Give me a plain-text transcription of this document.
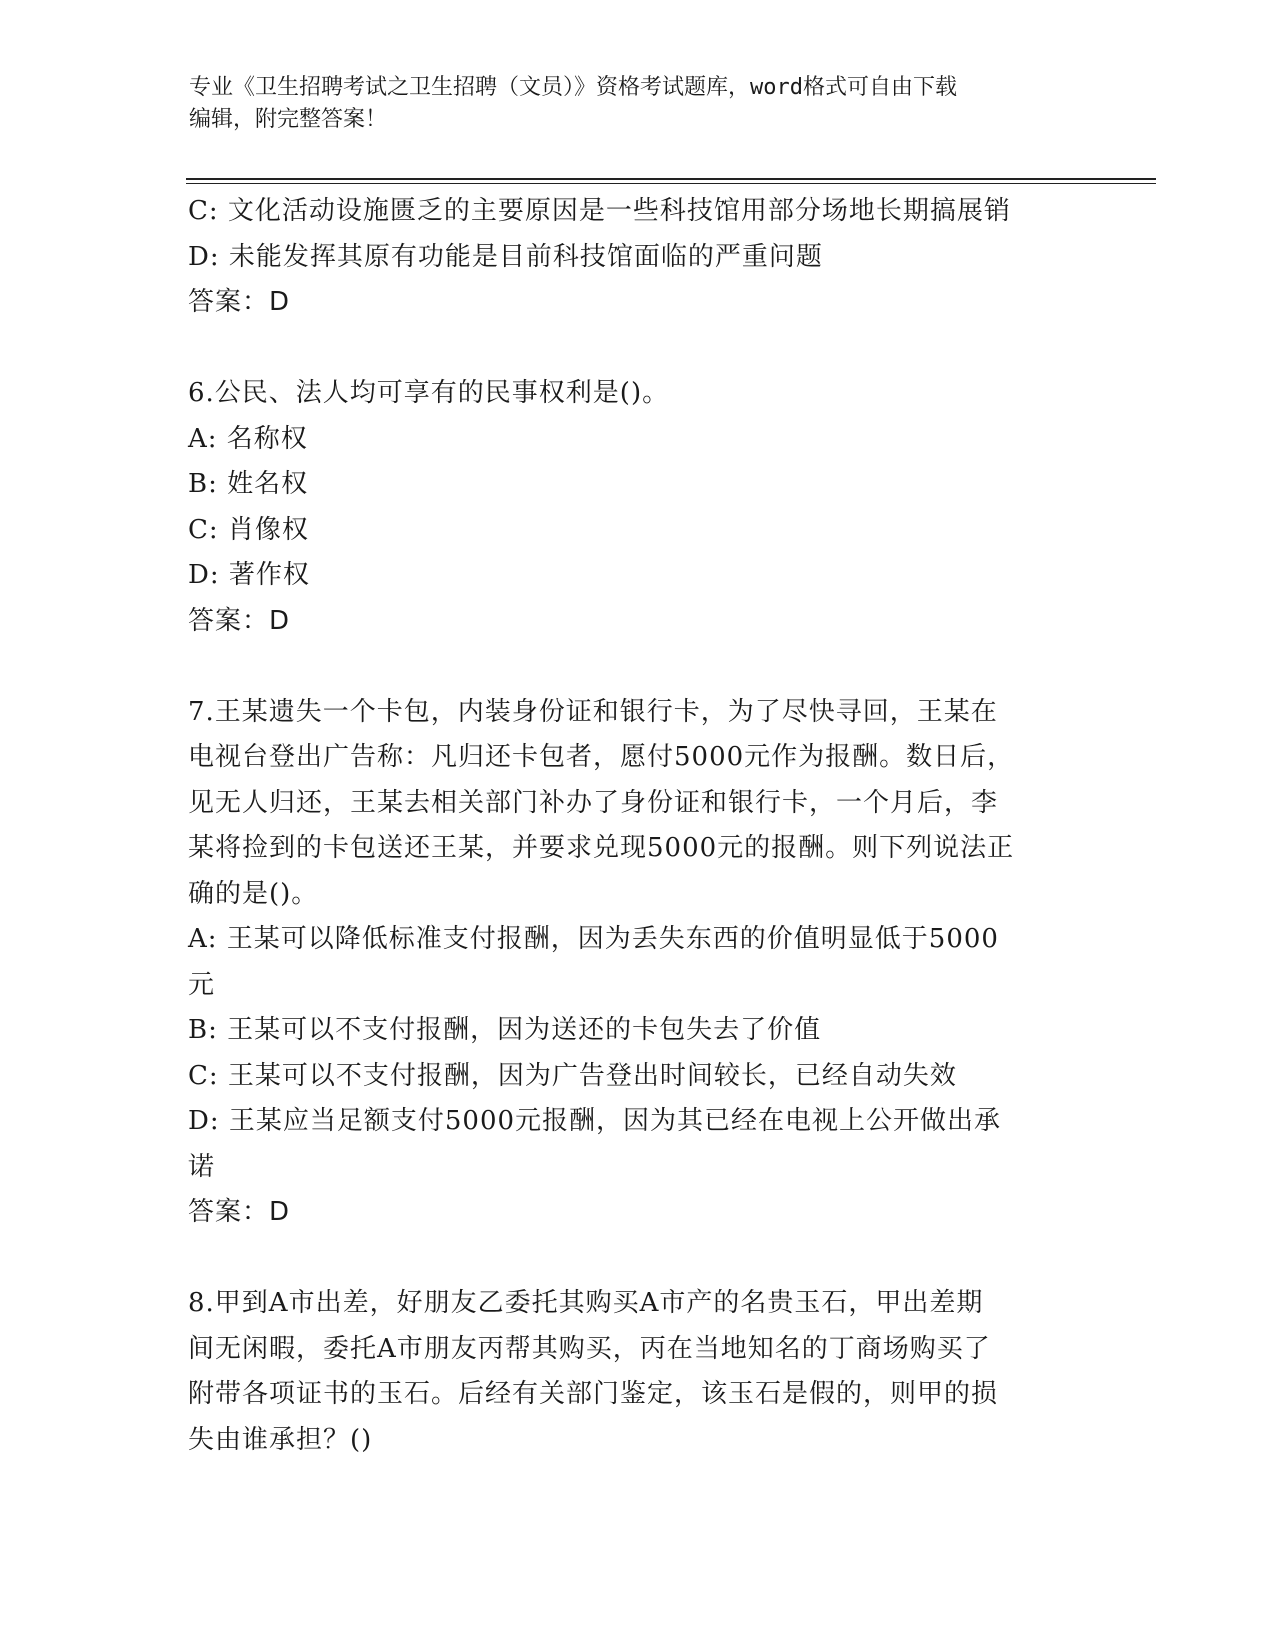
专业《卫生招聘考试之卫生招聘（文员）》资格考试题库，word格式可自由下载
编辑，附完整答案！
C: 文化活动设施匮乏的主要原因是一些科技馆用部分场地长期搞展销
D: 未能发挥其原有功能是目前科技馆面临的严重问题
答案：D
6.公民、法人均可享有的民事权利是()。
A: 名称权
B: 姓名权
C: 肖像权
D: 著作权
答案：D
7.王某遗失一个卡包，内装身份证和银行卡，为了尽快寻回，王某在
电视台登出广告称：凡归还卡包者，愿付5000元作为报酬。数日后，
见无人归还，王某去相关部门补办了身份证和银行卡，一个月后，李
某将捡到的卡包送还王某，并要求兑现5000元的报酬。则下列说法正
确的是()。
A: 王某可以降低标准支付报酬，因为丢失东西的价值明显低于5000
元
B: 王某可以不支付报酬，因为送还的卡包失去了价值
C: 王某可以不支付报酬，因为广告登出时间较长，已经自动失效
D: 王某应当足额支付5000元报酬，因为其已经在电视上公开做出承
诺
答案：D
8.甲到A市出差，好朋友乙委托其购买A市产的名贵玉石，甲出差期
间无闲暇，委托A市朋友丙帮其购买，丙在当地知名的丁商场购买了
附带各项证书的玉石。后经有关部门鉴定，该玉石是假的，则甲的损
失由谁承担？()
